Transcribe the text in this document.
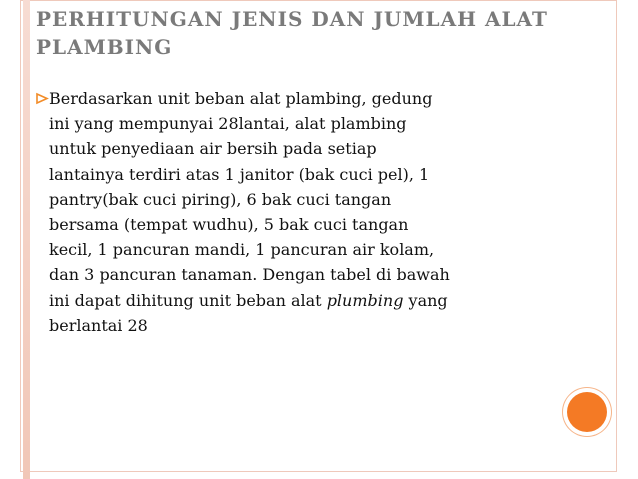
PERHITUNGAN JENIS DAN JUMLAH ALAT
PLAMBING
Berdasarkan unit beban alat plambing, gedung
ini yang mempunyai 28lantai, alat plambing
untuk penyediaan air bersih pada setiap
lantainya terdiri atas 1 janitor (bak cuci pel), 1
pantry(bak cuci piring), 6 bak cuci tangan
bersama (tempat wudhu), 5 bak cuci tangan
kecil, 1 pancuran mandi, 1 pancuran air kolam,
dan 3 pancuran tanaman. Dengan tabel di bawah
ini dapat dihitung unit beban alat plumbing yang
berlantai 28
